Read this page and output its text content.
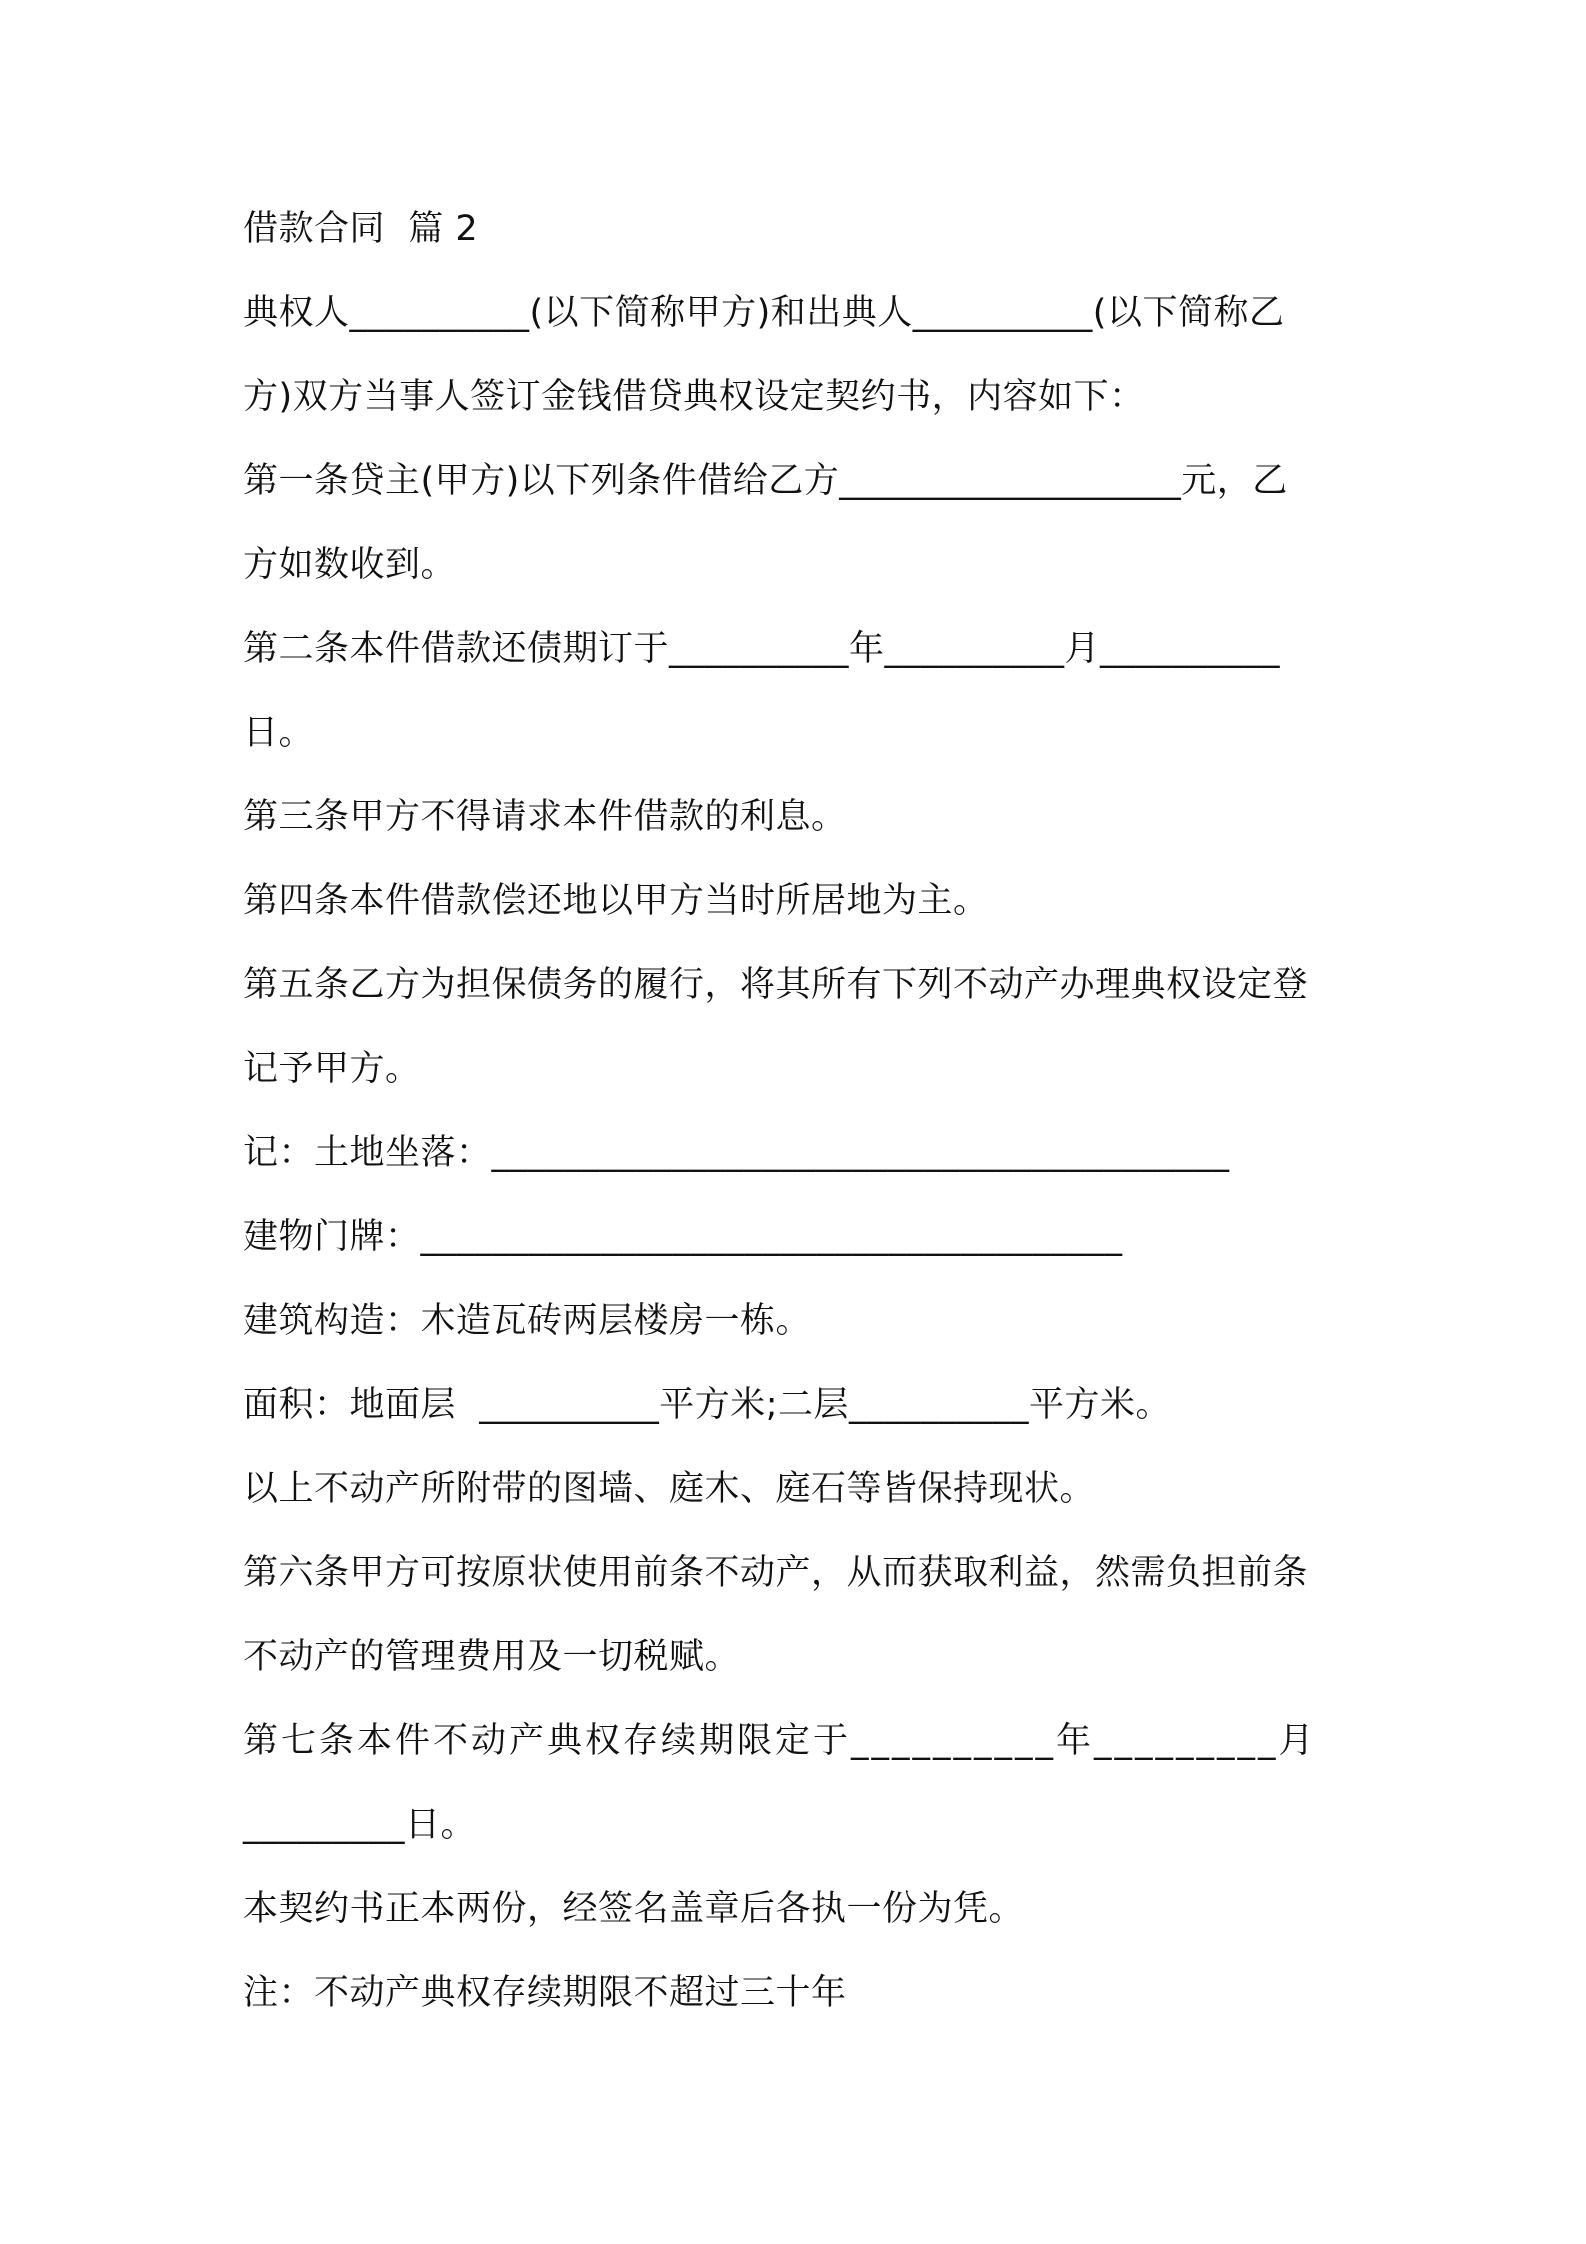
借款合同  篇 2
典权人__________(以下简称甲方)和出典人__________(以下简称乙
方)双方当事人签订金钱借贷典权设定契约书，内容如下：
第一条贷主(甲方)以下列条件借给乙方___________________元，乙
方如数收到。
第二条本件借款还债期订于__________年__________月__________
日。
第三条甲方不得请求本件借款的利息。
第四条本件借款偿还地以甲方当时所居地为主。
第五条乙方为担保债务的履行，将其所有下列不动产办理典权设定登
记予甲方。
记：土地坐落：_________________________________________
建物门牌：_______________________________________
建筑构造：木造瓦砖两层楼房一栋。
面积：地面层  __________平方米;二层__________平方米。
以上不动产所附带的图墙、庭木、庭石等皆保持现状。
第六条甲方可按原状使用前条不动产，从而获取利益，然需负担前条
不动产的管理费用及一切税赋。
第七条本件不动产典权存续期限定于__________年_________月
_________日。
本契约书正本两份，经签名盖章后各执一份为凭。
注：不动产典权存续期限不超过三十年
